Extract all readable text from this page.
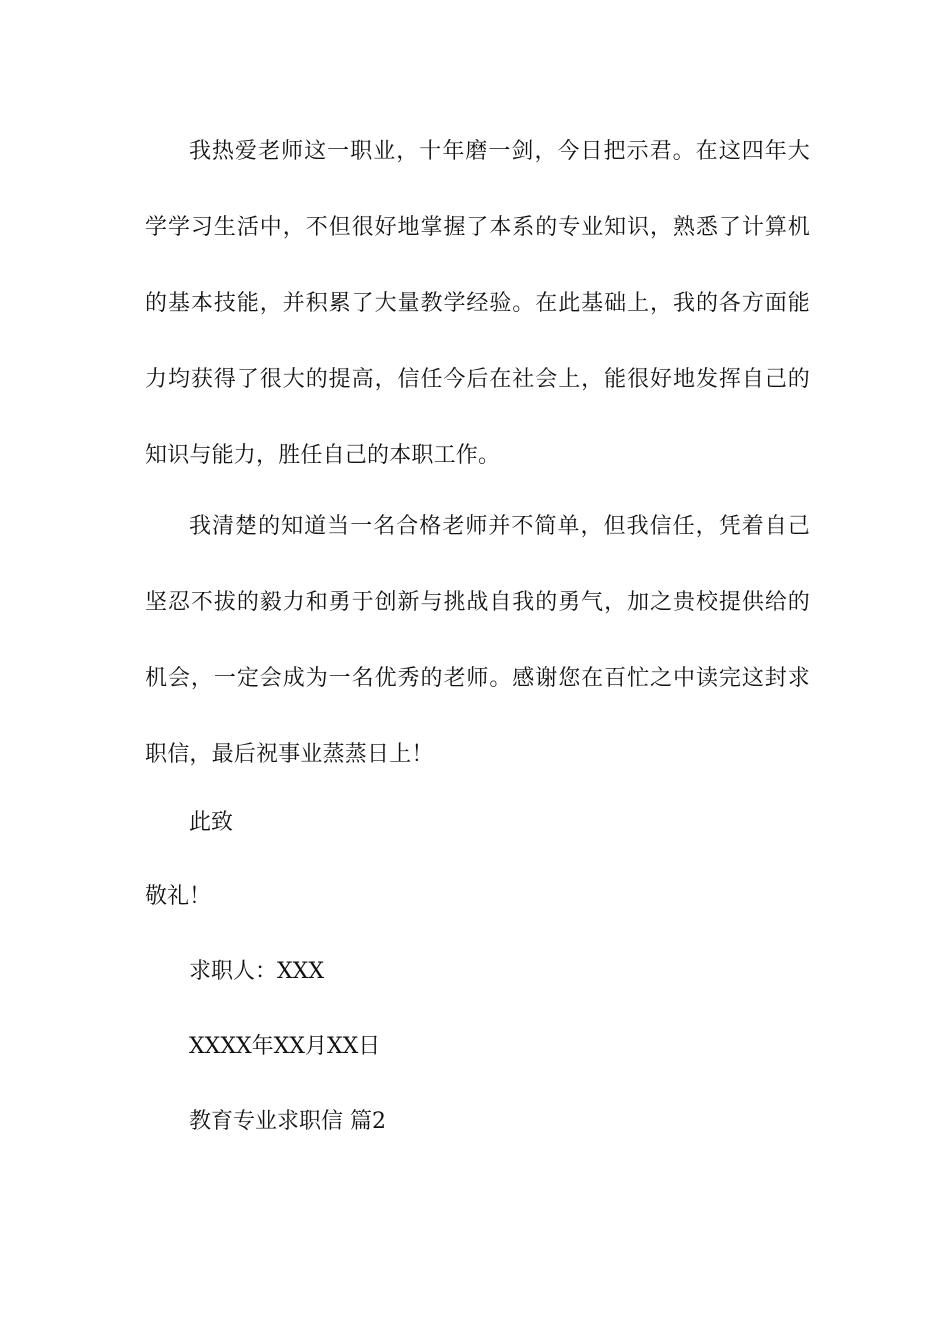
我热爱老师这一职业，十年磨一剑，今日把示君。在这四年大学学习生活中，不但很好地掌握了本系的专业知识，熟悉了计算机的基本技能，并积累了大量教学经验。在此基础上，我的各方面能力均获得了很大的提高，信任今后在社会上，能很好地发挥自己的知识与能力，胜任自己的本职工作。

我清楚的知道当一名合格老师并不简单，但我信任，凭着自己坚忍不拔的毅力和勇于创新与挑战自我的勇气，加之贵校提供给的机会，一定会成为一名优秀的老师。感谢您在百忙之中读完这封求职信，最后祝事业蒸蒸日上！

此致

敬礼！

求职人：XXX

XXXX年XX月XX日

教育专业求职信 篇2
